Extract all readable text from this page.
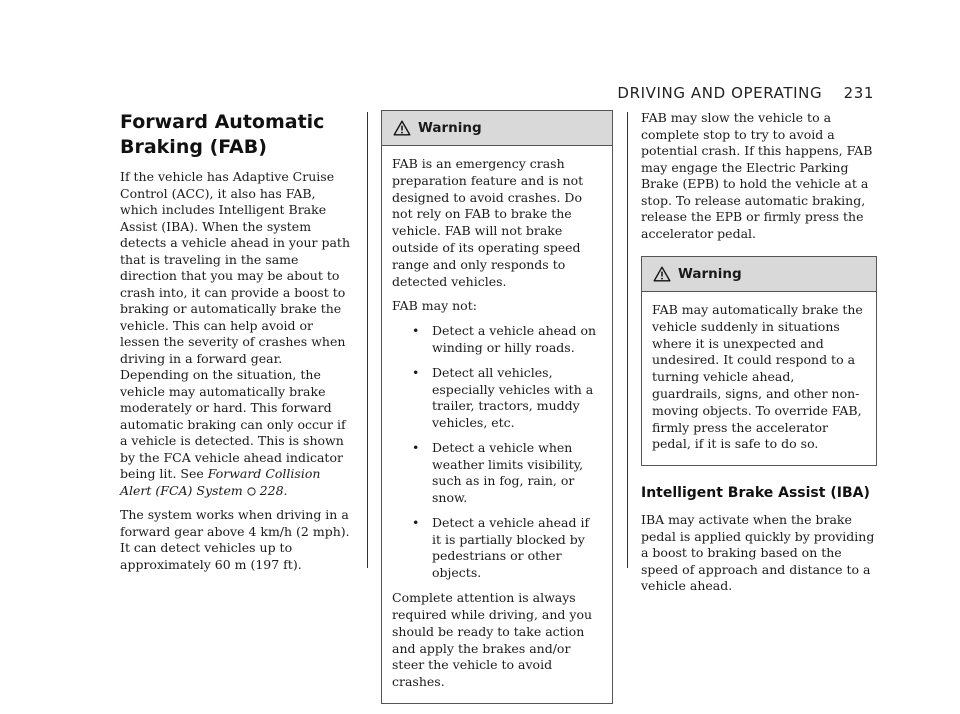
DRIVING AND OPERATING 231
Forward Automatic Braking (FAB)

If the vehicle has Adaptive Cruise Control (ACC), it also has FAB, which includes Intelligent Brake Assist (IBA). When the system detects a vehicle ahead in your path that is traveling in the same direction that you may be about to crash into, it can provide a boost to braking or automatically brake the vehicle. This can help avoid or lessen the severity of crashes when driving in a forward gear. Depending on the situation, the vehicle may automatically brake moderately or hard. This forward automatic braking can only occur if a vehicle is detected. This is shown by the FCA vehicle ahead indicator being lit. See Forward Collision Alert (FCA) System 228.

The system works when driving in a forward gear above 4 km/h (2 mph). It can detect vehicles up to approximately 60 m (197 ft).

Warning

FAB is an emergency crash preparation feature and is not designed to avoid crashes. Do not rely on FAB to brake the vehicle. FAB will not brake outside of its operating speed range and only responds to detected vehicles.

FAB may not:

• Detect a vehicle ahead on winding or hilly roads.
• Detect all vehicles, especially vehicles with a trailer, tractors, muddy vehicles, etc.
• Detect a vehicle when weather limits visibility, such as in fog, rain, or snow.
• Detect a vehicle ahead if it is partially blocked by pedestrians or other objects.

Complete attention is always required while driving, and you should be ready to take action and apply the brakes and/or steer the vehicle to avoid crashes.

FAB may slow the vehicle to a complete stop to try to avoid a potential crash. If this happens, FAB may engage the Electric Parking Brake (EPB) to hold the vehicle at a stop. To release automatic braking, release the EPB or firmly press the accelerator pedal.

Warning

FAB may automatically brake the vehicle suddenly in situations where it is unexpected and undesired. It could respond to a turning vehicle ahead, guardrails, signs, and other non-moving objects. To override FAB, firmly press the accelerator pedal, if it is safe to do so.

Intelligent Brake Assist (IBA)

IBA may activate when the brake pedal is applied quickly by providing a boost to braking based on the speed of approach and distance to a vehicle ahead.
